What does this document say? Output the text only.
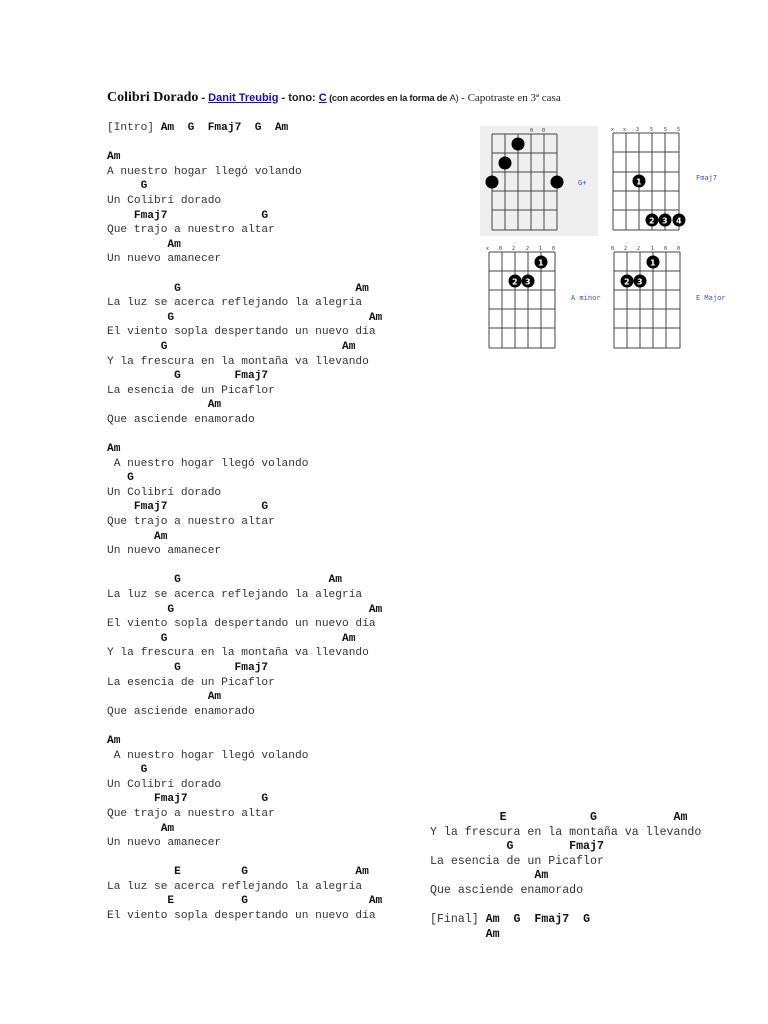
Colibri Dorado - Danit Treubig - tono: C (con acordes en la forma de A) - Capotraste en 3ª casa
[Intro] Am  G  Fmaj7  G  Am
Am
A nuestro hogar llegó volando
G
Un Colibrí dorado
Fmaj7              G
Que trajo a nuestro altar
Am
Un nuevo amanecer
G                          Am
La luz se acerca reflejando la alegría
G                             Am
El viento sopla despertando un nuevo día
G                          Am
Y la frescura en la montaña va llevando
G        Fmaj7
La esencia de un Picaflor
Am
Que asciende enamorado
Am
A nuestro hogar llegó volando
G
Un Colibrí dorado
Fmaj7              G
Que trajo a nuestro altar
Am
Un nuevo amanecer
G                      Am
La luz se acerca reflejando la alegría
G                             Am
El viento sopla despertando un nuevo día
G                          Am
Y la frescura en la montaña va llevando
G        Fmaj7
La esencia de un Picaflor
Am
Que asciende enamorado
Am
A nuestro hogar llegó volando
G
Un Colibrí dorado
Fmaj7           G
Que trajo a nuestro altar
Am
Un nuevo amanecer
E         G                Am
La luz se acerca reflejando la alegría
E          G                  Am
El viento sopla despertando un nuevo día
E            G           Am
Y la frescura en la montaña va llevando
G        Fmaj7
La esencia de un Picaflor
Am
Que asciende enamorado
[Final] Am  G  Fmaj7  G
Am
0 0
G+
x x 3 5 5 5
1
2 3 4
Fmaj7
x 0 2 2 1 0
1
2 3
A minor
0 2 2 1 0 0
1
2 3
E Major
